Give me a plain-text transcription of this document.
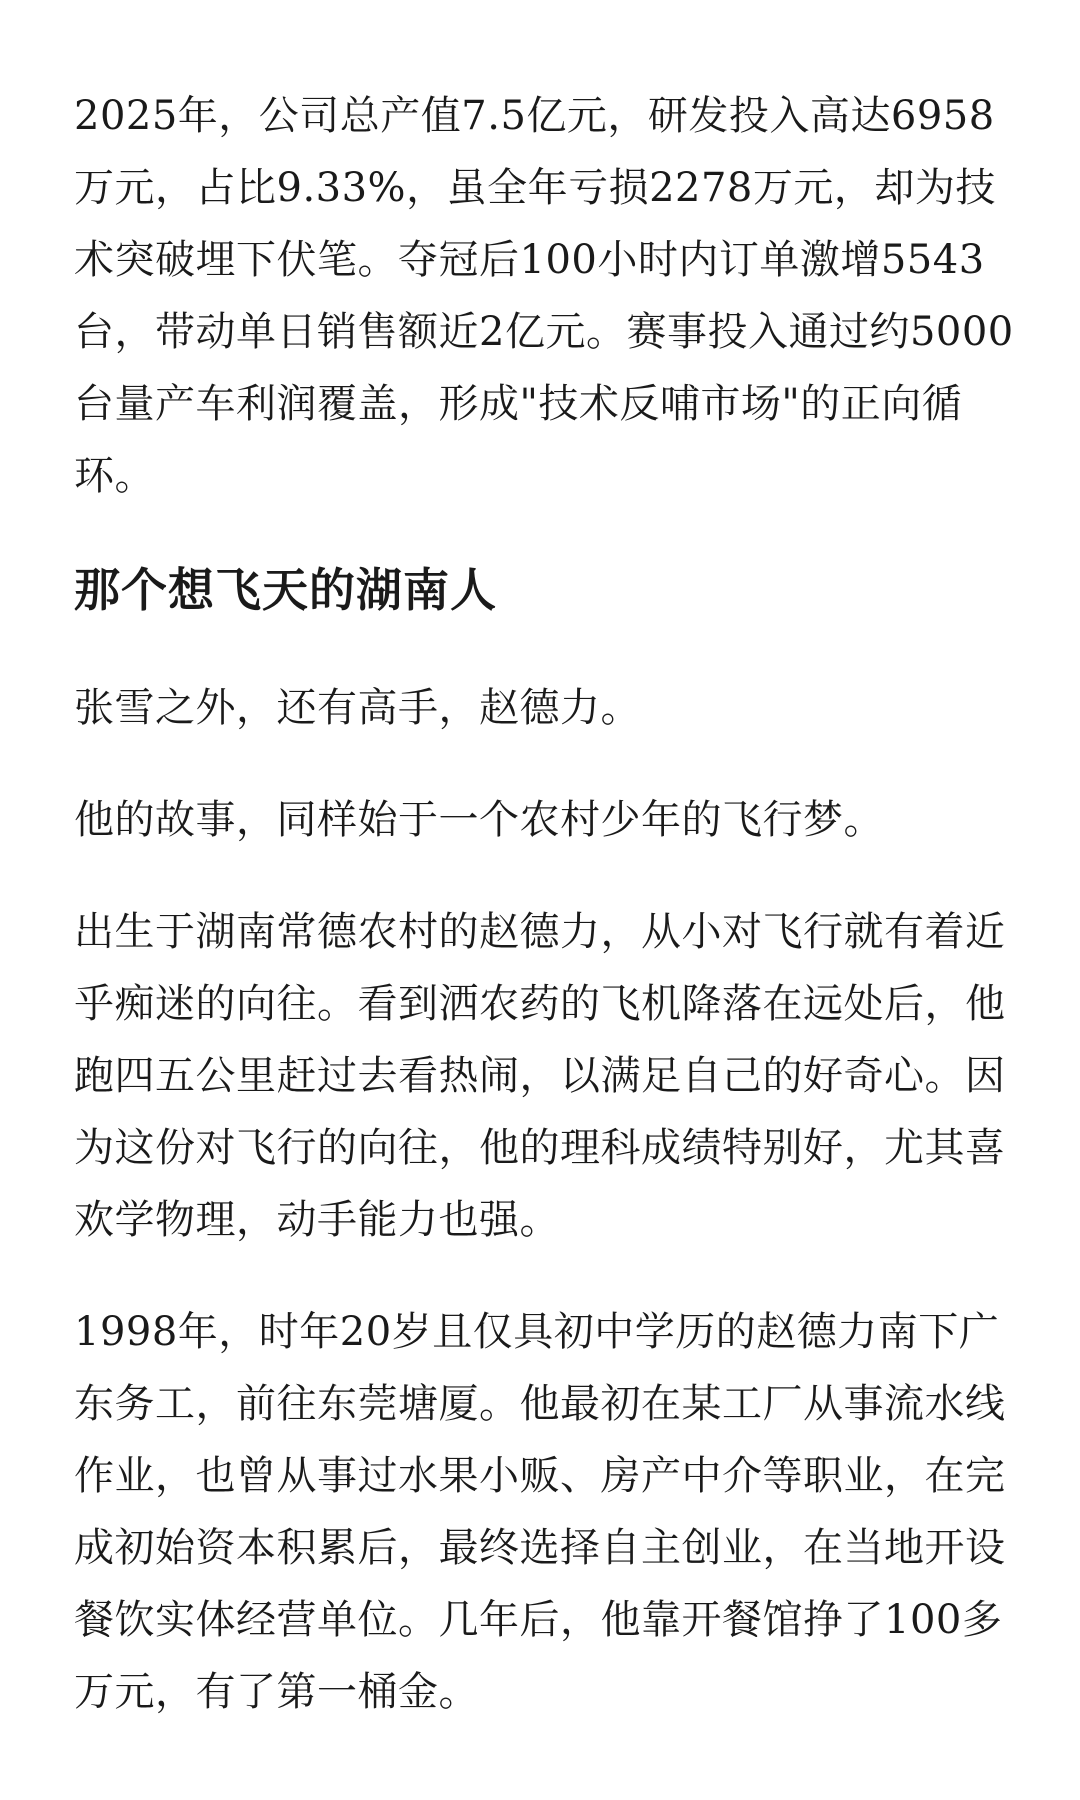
2025年，公司总产值7.5亿元，研发投入高达6958万元，占比9.33%，虽全年亏损2278万元，却为技术突破埋下伏笔。夺冠后100小时内订单激增5543台，带动单日销售额近2亿元。赛事投入通过约5000台量产车利润覆盖，形成"技术反哺市场"的正向循环。

那个想飞天的湖南人

张雪之外，还有高手，赵德力。

他的故事，同样始于一个农村少年的飞行梦。

出生于湖南常德农村的赵德力，从小对飞行就有着近乎痴迷的向往。看到洒农药的飞机降落在远处后，他跑四五公里赶过去看热闹，以满足自己的好奇心。因为这份对飞行的向往，他的理科成绩特别好，尤其喜欢学物理，动手能力也强。

1998年，时年20岁且仅具初中学历的赵德力南下广东务工，前往东莞塘厦。他最初在某工厂从事流水线作业，也曾从事过水果小贩、房产中介等职业，在完成初始资本积累后，最终选择自主创业，在当地开设餐饮实体经营单位。几年后，他靠开餐馆挣了100多万元，有了第一桶金。
